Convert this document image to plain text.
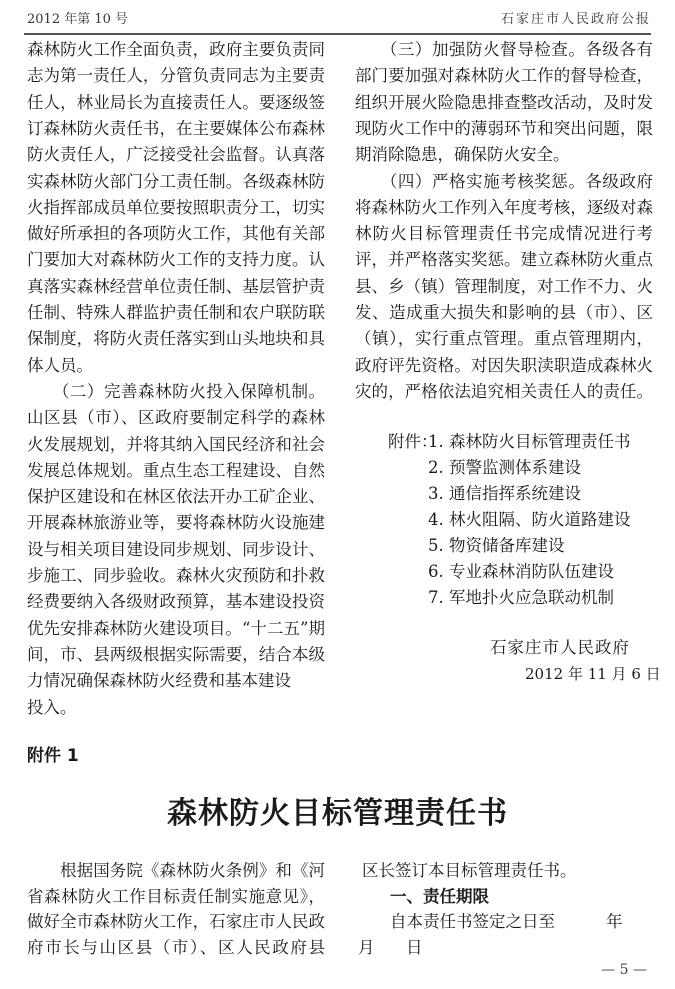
2012 年第 10 号	石家庄市人民政府公报
森林防火工作全面负责，政府主要负责同
志为第一责任人，分管负责同志为主要责
任人，林业局长为直接责任人。要逐级签
订森林防火责任书，在主要媒体公布森林
防火责任人，广泛接受社会监督。认真落
实森林防火部门分工责任制。各级森林防
火指挥部成员单位要按照职责分工，切实
做好所承担的各项防火工作，其他有关部
门要加大对森林防火工作的支持力度。认
真落实森林经营单位责任制、基层管护责
任制、特殊人群监护责任制和农户联防联
保制度，将防火责任落实到山头地块和具
体人员。
　　（二）完善森林防火投入保障机制。
山区县（市）、区政府要制定科学的森林
火发展规划，并将其纳入国民经济和社会
发展总体规划。重点生态工程建设、自然
保护区建设和在林区依法开办工矿企业、
开展森林旅游业等，要将森林防火设施建
设与相关项目建设同步规划、同步设计、
步施工、同步验收。森林火灾预防和扑救
经费要纳入各级财政预算，基本建设投资
优先安排森林防火建设项目。“十二五”期
间，市、县两级根据实际需要，结合本级
力情况确保森林防火经费和基本建设
投入。
　　（三）加强防火督导检查。各级各有
部门要加强对森林防火工作的督导检查，
组织开展火险隐患排查整改活动，及时发
现防火工作中的薄弱环节和突出问题，限
期消除隐患，确保防火安全。
　　（四）严格实施考核奖惩。各级政府
将森林防火工作列入年度考核，逐级对森
林防火目标管理责任书完成情况进行考
评，并严格落实奖惩。建立森林防火重点
县、乡（镇）管理制度，对工作不力、火
发、造成重大损失和影响的县（市）、区
（镇），实行重点管理。重点管理期内，
政府评先资格。对因失职渎职造成森林火
灾的，严格依法追究相关责任人的责任。
附件：
1. 森林防火目标管理责任书
2. 预警监测体系建设
3. 通信指挥系统建设
4. 林火阻隔、防火道路建设
5. 物资储备库建设
6. 专业森林消防队伍建设
7. 军地扑火应急联动机制
石家庄市人民政府
2012 年 11 月 6 日
附件 1
森林防火目标管理责任书
　　根据国务院《森林防火条例》和《河
省森林防火工作目标责任制实施意见》，
做好全市森林防火工作，石家庄市人民政
府市长与山区县（市）、区人民政府县
区长签订本目标管理责任书。
一、责任期限
自本责任书签定之日至	年
月 日
— 5 —
